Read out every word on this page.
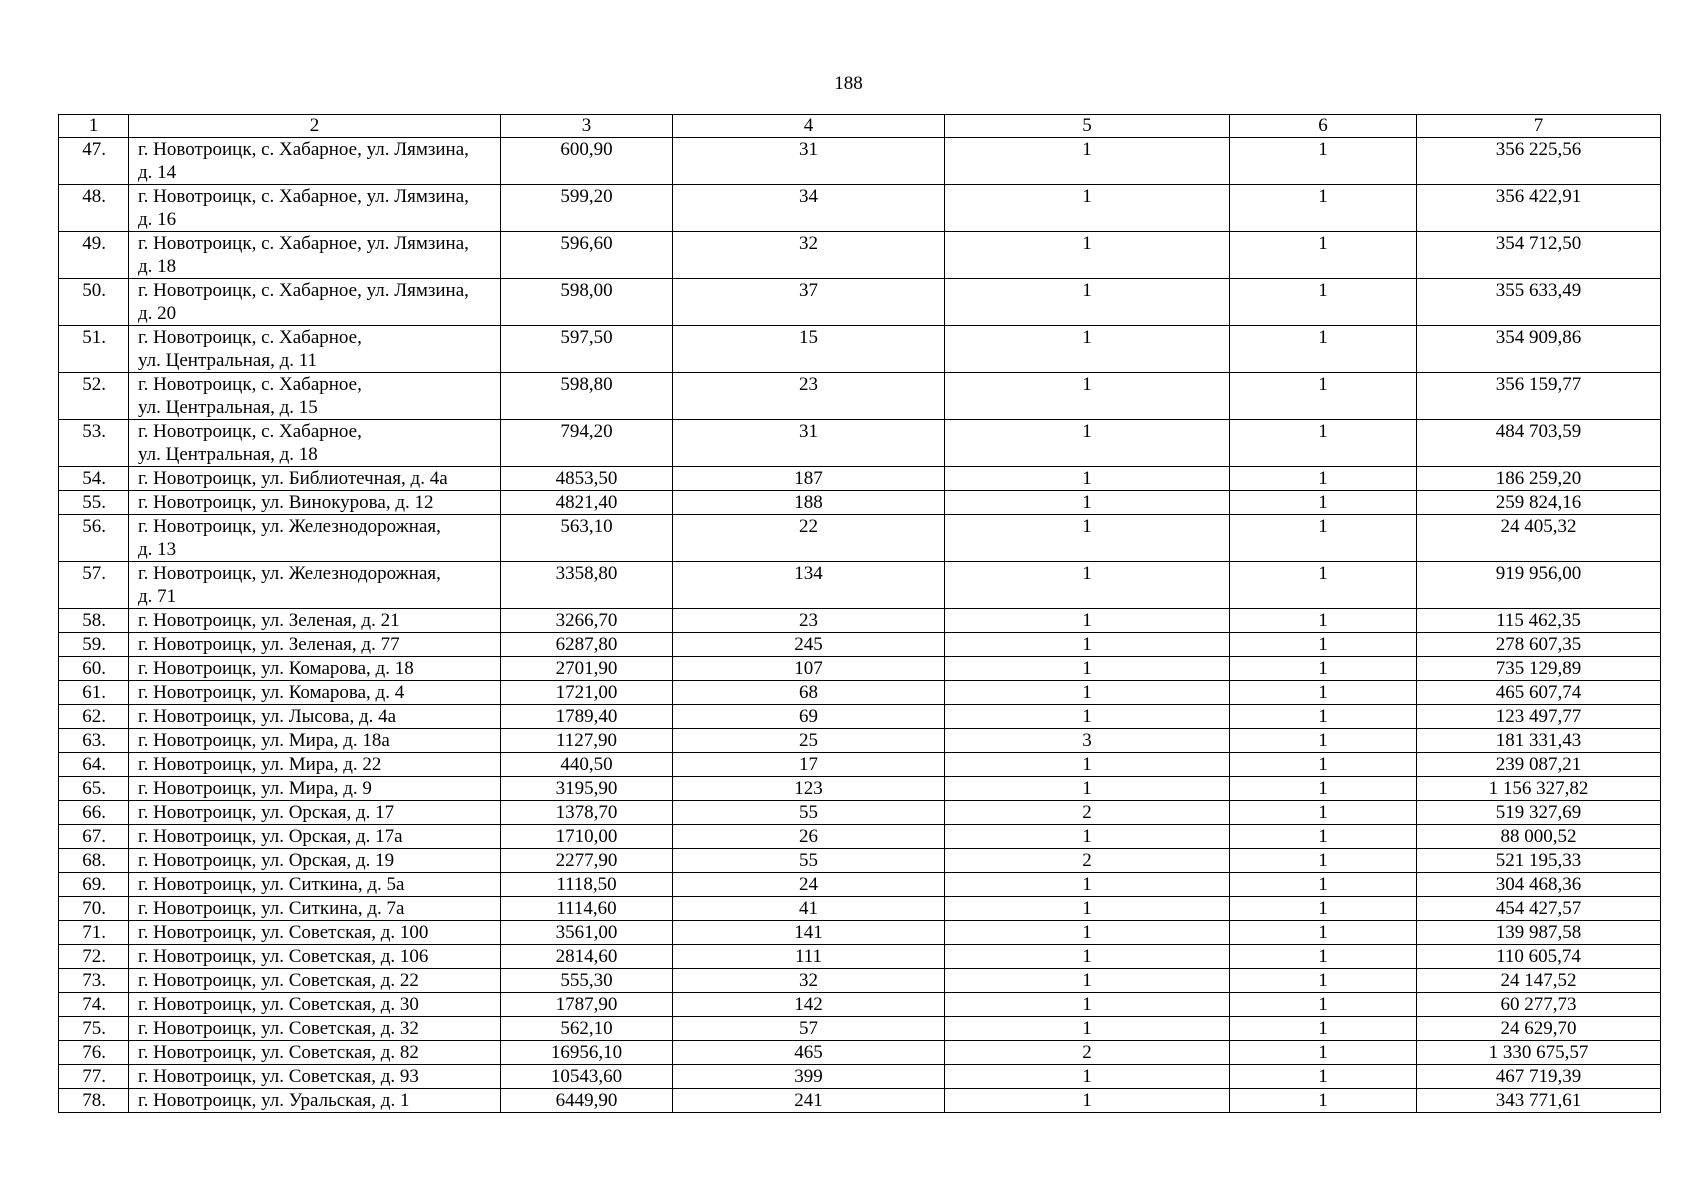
188
1	2	3	4	5	6	7
47.	г. Новотроицк, с. Хабарное, ул. Лямзина,
д. 14	600,90	31	1	1	356 225,56
48.	г. Новотроицк, с. Хабарное, ул. Лямзина,
д. 16	599,20	34	1	1	356 422,91
49.	г. Новотроицк, с. Хабарное, ул. Лямзина,
д. 18	596,60	32	1	1	354 712,50
50.	г. Новотроицк, с. Хабарное, ул. Лямзина,
д. 20	598,00	37	1	1	355 633,49
51.	г. Новотроицк, с. Хабарное,
ул. Центральная, д. 11	597,50	15	1	1	354 909,86
52.	г. Новотроицк, с. Хабарное,
ул. Центральная, д. 15	598,80	23	1	1	356 159,77
53.	г. Новотроицк, с. Хабарное,
ул. Центральная, д. 18	794,20	31	1	1	484 703,59
54.	г. Новотроицк, ул. Библиотечная, д. 4а	4853,50	187	1	1	186 259,20
55.	г. Новотроицк, ул. Винокурова, д. 12	4821,40	188	1	1	259 824,16
56.	г. Новотроицк, ул. Железнодорожная,
д. 13	563,10	22	1	1	24 405,32
57.	г. Новотроицк, ул. Железнодорожная,
д. 71	3358,80	134	1	1	919 956,00
58.	г. Новотроицк, ул. Зеленая, д. 21	3266,70	23	1	1	115 462,35
59.	г. Новотроицк, ул. Зеленая, д. 77	6287,80	245	1	1	278 607,35
60.	г. Новотроицк, ул. Комарова, д. 18	2701,90	107	1	1	735 129,89
61.	г. Новотроицк, ул. Комарова, д. 4	1721,00	68	1	1	465 607,74
62.	г. Новотроицк, ул. Лысова, д. 4а	1789,40	69	1	1	123 497,77
63.	г. Новотроицк, ул. Мира, д. 18а	1127,90	25	3	1	181 331,43
64.	г. Новотроицк, ул. Мира, д. 22	440,50	17	1	1	239 087,21
65.	г. Новотроицк, ул. Мира, д. 9	3195,90	123	1	1	1 156 327,82
66.	г. Новотроицк, ул. Орская, д. 17	1378,70	55	2	1	519 327,69
67.	г. Новотроицк, ул. Орская, д. 17а	1710,00	26	1	1	88 000,52
68.	г. Новотроицк, ул. Орская, д. 19	2277,90	55	2	1	521 195,33
69.	г. Новотроицк, ул. Ситкина, д. 5а	1118,50	24	1	1	304 468,36
70.	г. Новотроицк, ул. Ситкина, д. 7а	1114,60	41	1	1	454 427,57
71.	г. Новотроицк, ул. Советская, д. 100	3561,00	141	1	1	139 987,58
72.	г. Новотроицк, ул. Советская, д. 106	2814,60	111	1	1	110 605,74
73.	г. Новотроицк, ул. Советская, д. 22	555,30	32	1	1	24 147,52
74.	г. Новотроицк, ул. Советская, д. 30	1787,90	142	1	1	60 277,73
75.	г. Новотроицк, ул. Советская, д. 32	562,10	57	1	1	24 629,70
76.	г. Новотроицк, ул. Советская, д. 82	16956,10	465	2	1	1 330 675,57
77.	г. Новотроицк, ул. Советская, д. 93	10543,60	399	1	1	467 719,39
78.	г. Новотроицк, ул. Уральская, д. 1	6449,90	241	1	1	343 771,61
